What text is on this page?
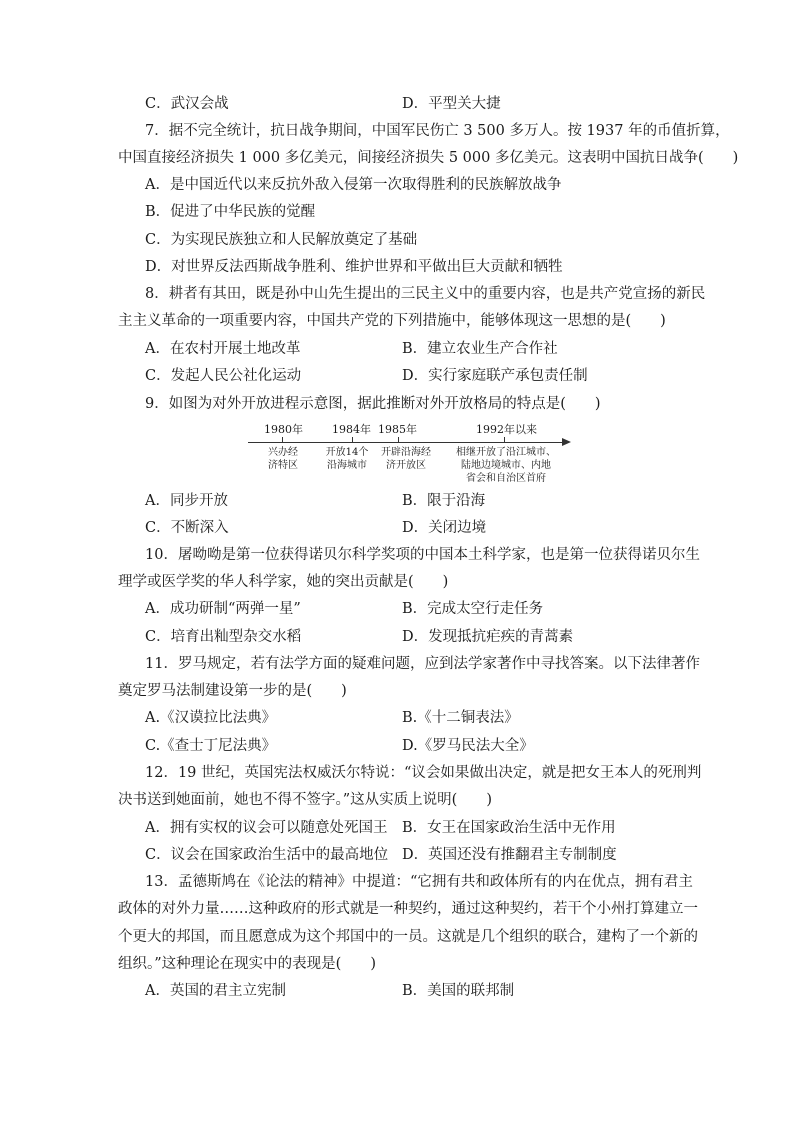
C．武汉会战	D．平型关大捷
7．据不完全统计，抗日战争期间，中国军民伤亡 3 500 多万人。按 1937 年的币值折算，
中国直接经济损失 1 000 多亿美元，间接经济损失 5 000 多亿美元。这表明中国抗日战争(　　)
A．是中国近代以来反抗外敌入侵第一次取得胜利的民族解放战争
B．促进了中华民族的觉醒
C．为实现民族独立和人民解放奠定了基础
D．对世界反法西斯战争胜利、维护世界和平做出巨大贡献和牺牲
8．耕者有其田，既是孙中山先生提出的三民主义中的重要内容，也是共产党宣扬的新民
主主义革命的一项重要内容，中国共产党的下列措施中，能够体现这一思想的是(　　)
A．在农村开展土地改革	B．建立农业生产合作社
C．发起人民公社化运动	D．实行家庭联产承包责任制
9．如图为对外开放进程示意图，据此推断对外开放格局的特点是(　　)
1980年	1984年 1985年	1992年以来
兴办经
济特区
开放14个
沿海城市
开辟沿海经
济开放区
相继开放了沿江城市、
陆地边境城市、内地
省会和自治区首府
A．同步开放	B．限于沿海
C．不断深入	D．关闭边境
10．屠呦呦是第一位获得诺贝尔科学奖项的中国本土科学家，也是第一位获得诺贝尔生
理学或医学奖的华人科学家，她的突出贡献是(　　)
A．成功研制“两弹一星”	B．完成太空行走任务
C．培育出籼型杂交水稻	D．发现抵抗疟疾的青蒿素
11．罗马规定，若有法学方面的疑难问题，应到法学家著作中寻找答案。以下法律著作
奠定罗马法制建设第一步的是(　　)
A.《汉谟拉比法典》	B.《十二铜表法》
C.《查士丁尼法典》	D.《罗马民法大全》
12．19 世纪，英国宪法权威沃尔特说：“议会如果做出决定，就是把女王本人的死刑判
决书送到她面前，她也不得不签字。”这从实质上说明(　　)
A．拥有实权的议会可以随意处死国王 B．女王在国家政治生活中无作用
C．议会在国家政治生活中的最高地位 D．英国还没有推翻君主专制制度
13．孟德斯鸠在《论法的精神》中提道：“它拥有共和政体所有的内在优点，拥有君主
政体的对外力量……这种政府的形式就是一种契约，通过这种契约，若干个小州打算建立一
个更大的邦国，而且愿意成为这个邦国中的一员。这就是几个组织的联合，建构了一个新的
组织。”这种理论在现实中的表现是(　　)
A．英国的君主立宪制	B．美国的联邦制
